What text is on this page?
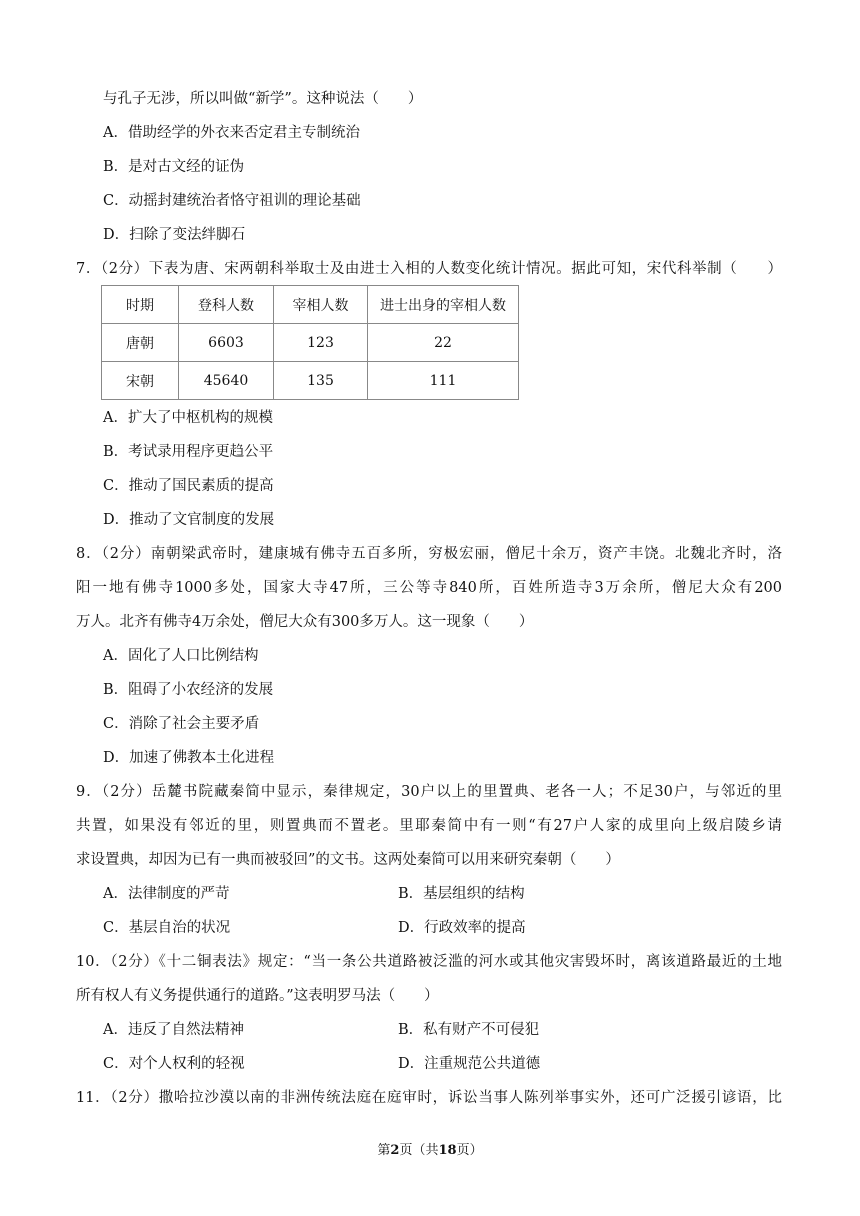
与孔子无涉，所以叫做“新学”。这种说法（　　）
A．借助经学的外衣来否定君主专制统治
B．是对古文经的证伪
C．动摇封建统治者恪守祖训的理论基础
D．扫除了变法绊脚石
7．（2分）下表为唐、宋两朝科举取士及由进士入相的人数变化统计情况。据此可知，宋代科举制（　　）
时期	登科人数	宰相人数	进士出身的宰相人数
唐朝	6603	123	22
宋朝	45640	135	111
A．扩大了中枢机构的规模
B．考试录用程序更趋公平
C．推动了国民素质的提高
D．推动了文官制度的发展
8．（2分）南朝梁武帝时，建康城有佛寺五百多所，穷极宏丽，僧尼十余万，资产丰饶。北魏北齐时，洛
阳一地有佛寺1000多处，国家大寺47所，三公等寺840所，百姓所造寺3万余所，僧尼大众有200
万人。北齐有佛寺4万余处，僧尼大众有300多万人。这一现象（　　）
A．固化了人口比例结构
B．阻碍了小农经济的发展
C．消除了社会主要矛盾
D．加速了佛教本土化进程
9．（2分）岳麓书院藏秦简中显示，秦律规定，30户以上的里置典、老各一人；不足30户，与邻近的里
共置，如果没有邻近的里，则置典而不置老。里耶秦简中有一则“有27户人家的成里向上级启陵乡请
求设置典，却因为已有一典而被驳回”的文书。这两处秦简可以用来研究秦朝（　　）
A．法律制度的严苛	B．基层组织的结构
C．基层自治的状况	D．行政效率的提高
10．（2分）《十二铜表法》规定：“当一条公共道路被泛滥的河水或其他灾害毁坏时，离该道路最近的土地
所有权人有义务提供通行的道路。”这表明罗马法（　　）
A．违反了自然法精神	B．私有财产不可侵犯
C．对个人权利的轻视	D．注重规范公共道德
11．（2分）撒哈拉沙漠以南的非洲传统法庭在庭审时，诉讼当事人陈列举事实外，还可广泛援引谚语，比
第2页（共18页）
